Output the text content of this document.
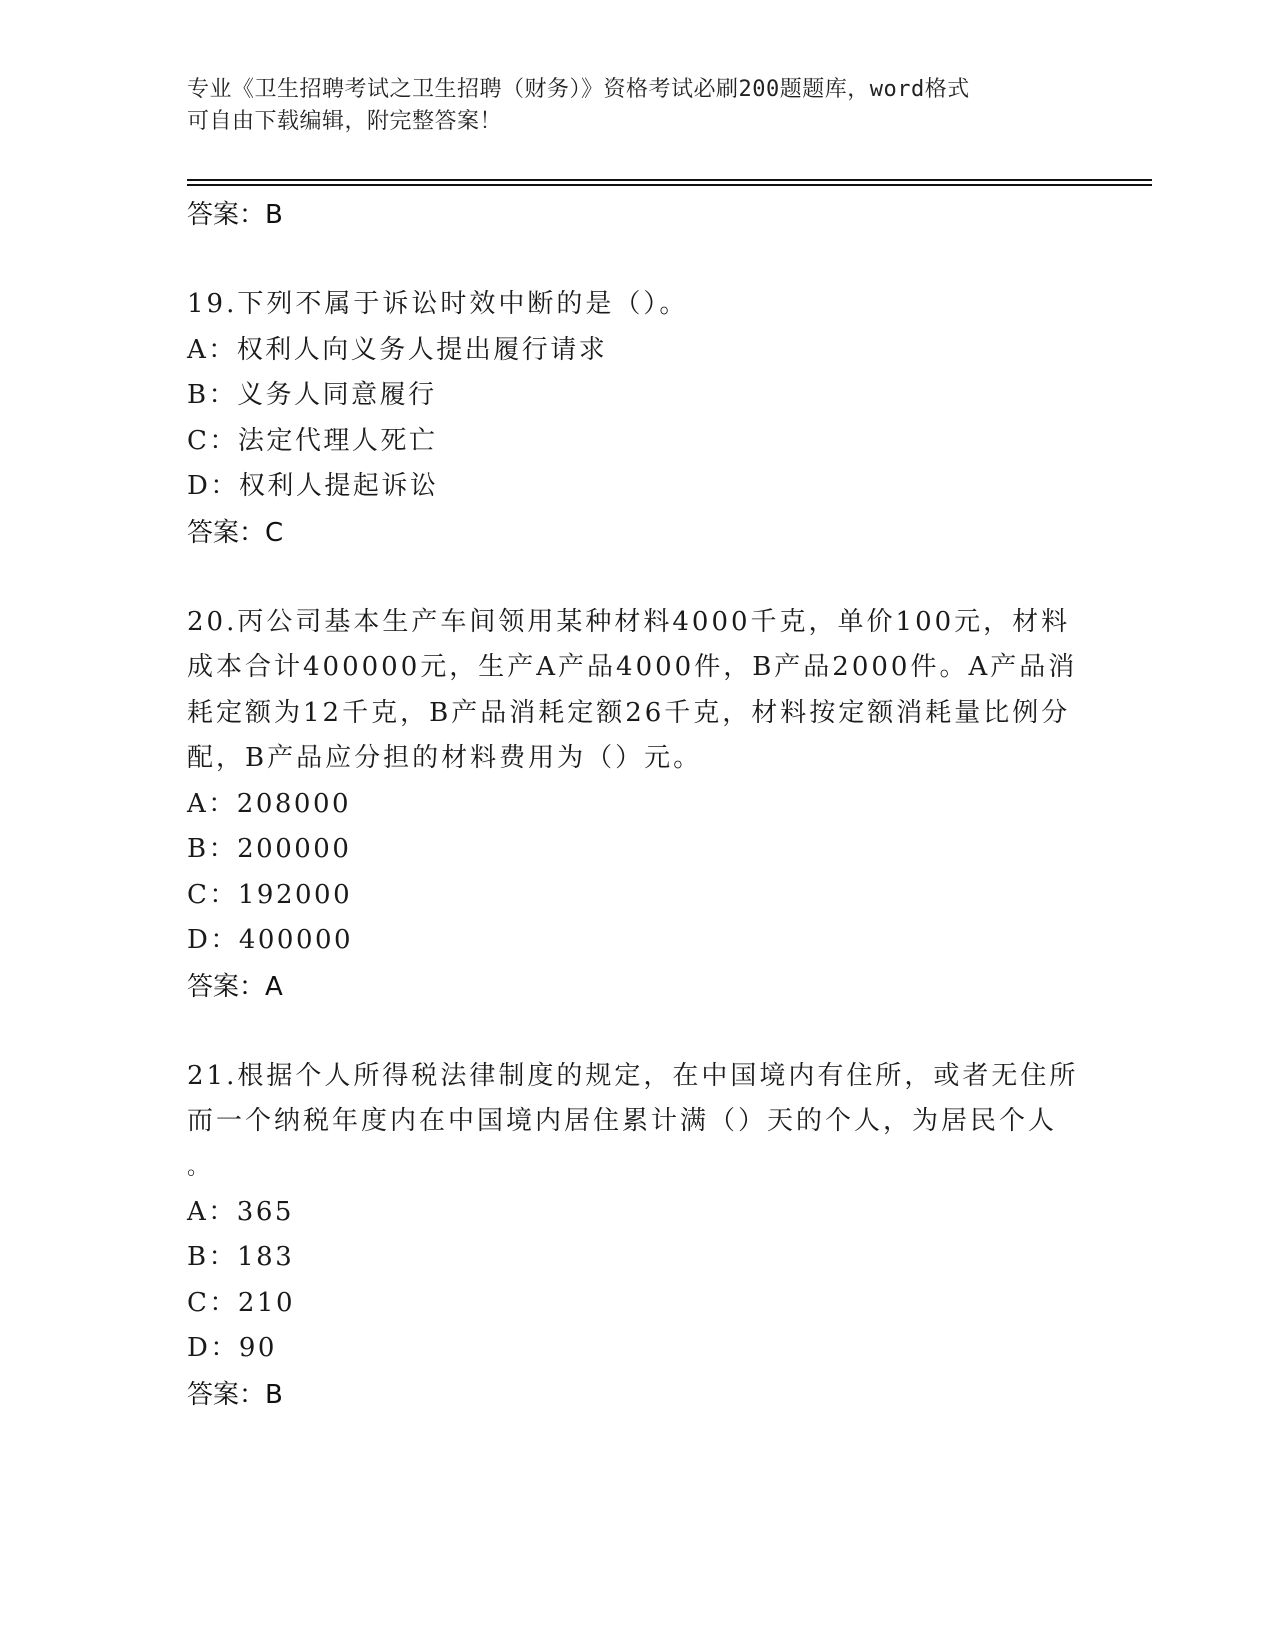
专业《卫生招聘考试之卫生招聘（财务）》资格考试必刷200题题库，word格式
可自由下载编辑，附完整答案！
答案：B
19.下列不属于诉讼时效中断的是（）。
A：权利人向义务人提出履行请求
B：义务人同意履行
C：法定代理人死亡
D：权利人提起诉讼
答案：C
20.丙公司基本生产车间领用某种材料4000千克，单价100元，材料
成本合计400000元，生产A产品4000件，B产品2000件。A产品消
耗定额为12千克，B产品消耗定额26千克，材料按定额消耗量比例分
配，B产品应分担的材料费用为（）元。
A：208000
B：200000
C：192000
D：400000
答案：A
21.根据个人所得税法律制度的规定，在中国境内有住所，或者无住所
而一个纳税年度内在中国境内居住累计满（）天的个人，为居民个人
。
A：365
B：183
C：210
D：90
答案：B
